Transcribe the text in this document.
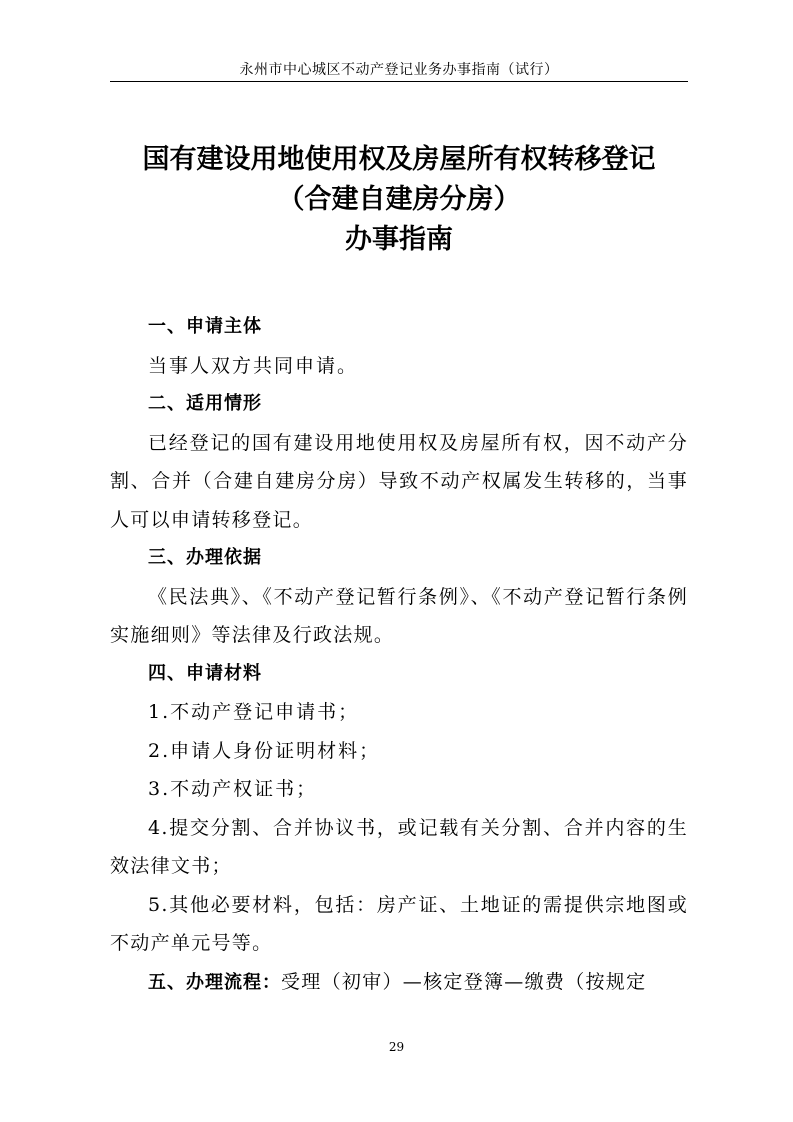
永州市中心城区不动产登记业务办事指南（试行）
国有建设用地使用权及房屋所有权转移登记
（合建自建房分房）
办事指南
一、申请主体
当事人双方共同申请。
二、适用情形
已经登记的国有建设用地使用权及房屋所有权，因不动产分割、合并（合建自建房分房）导致不动产权属发生转移的，当事人可以申请转移登记。
三、办理依据
《民法典》、《不动产登记暂行条例》、《不动产登记暂行条例实施细则》等法律及行政法规。
四、申请材料
1.不动产登记申请书；
2.申请人身份证明材料；
3.不动产权证书；
4.提交分割、合并协议书，或记载有关分割、合并内容的生效法律文书；
5.其他必要材料，包括：房产证、土地证的需提供宗地图或不动产单元号等。
五、办理流程：受理（初审）—核定登簿—缴费（按规定
29
